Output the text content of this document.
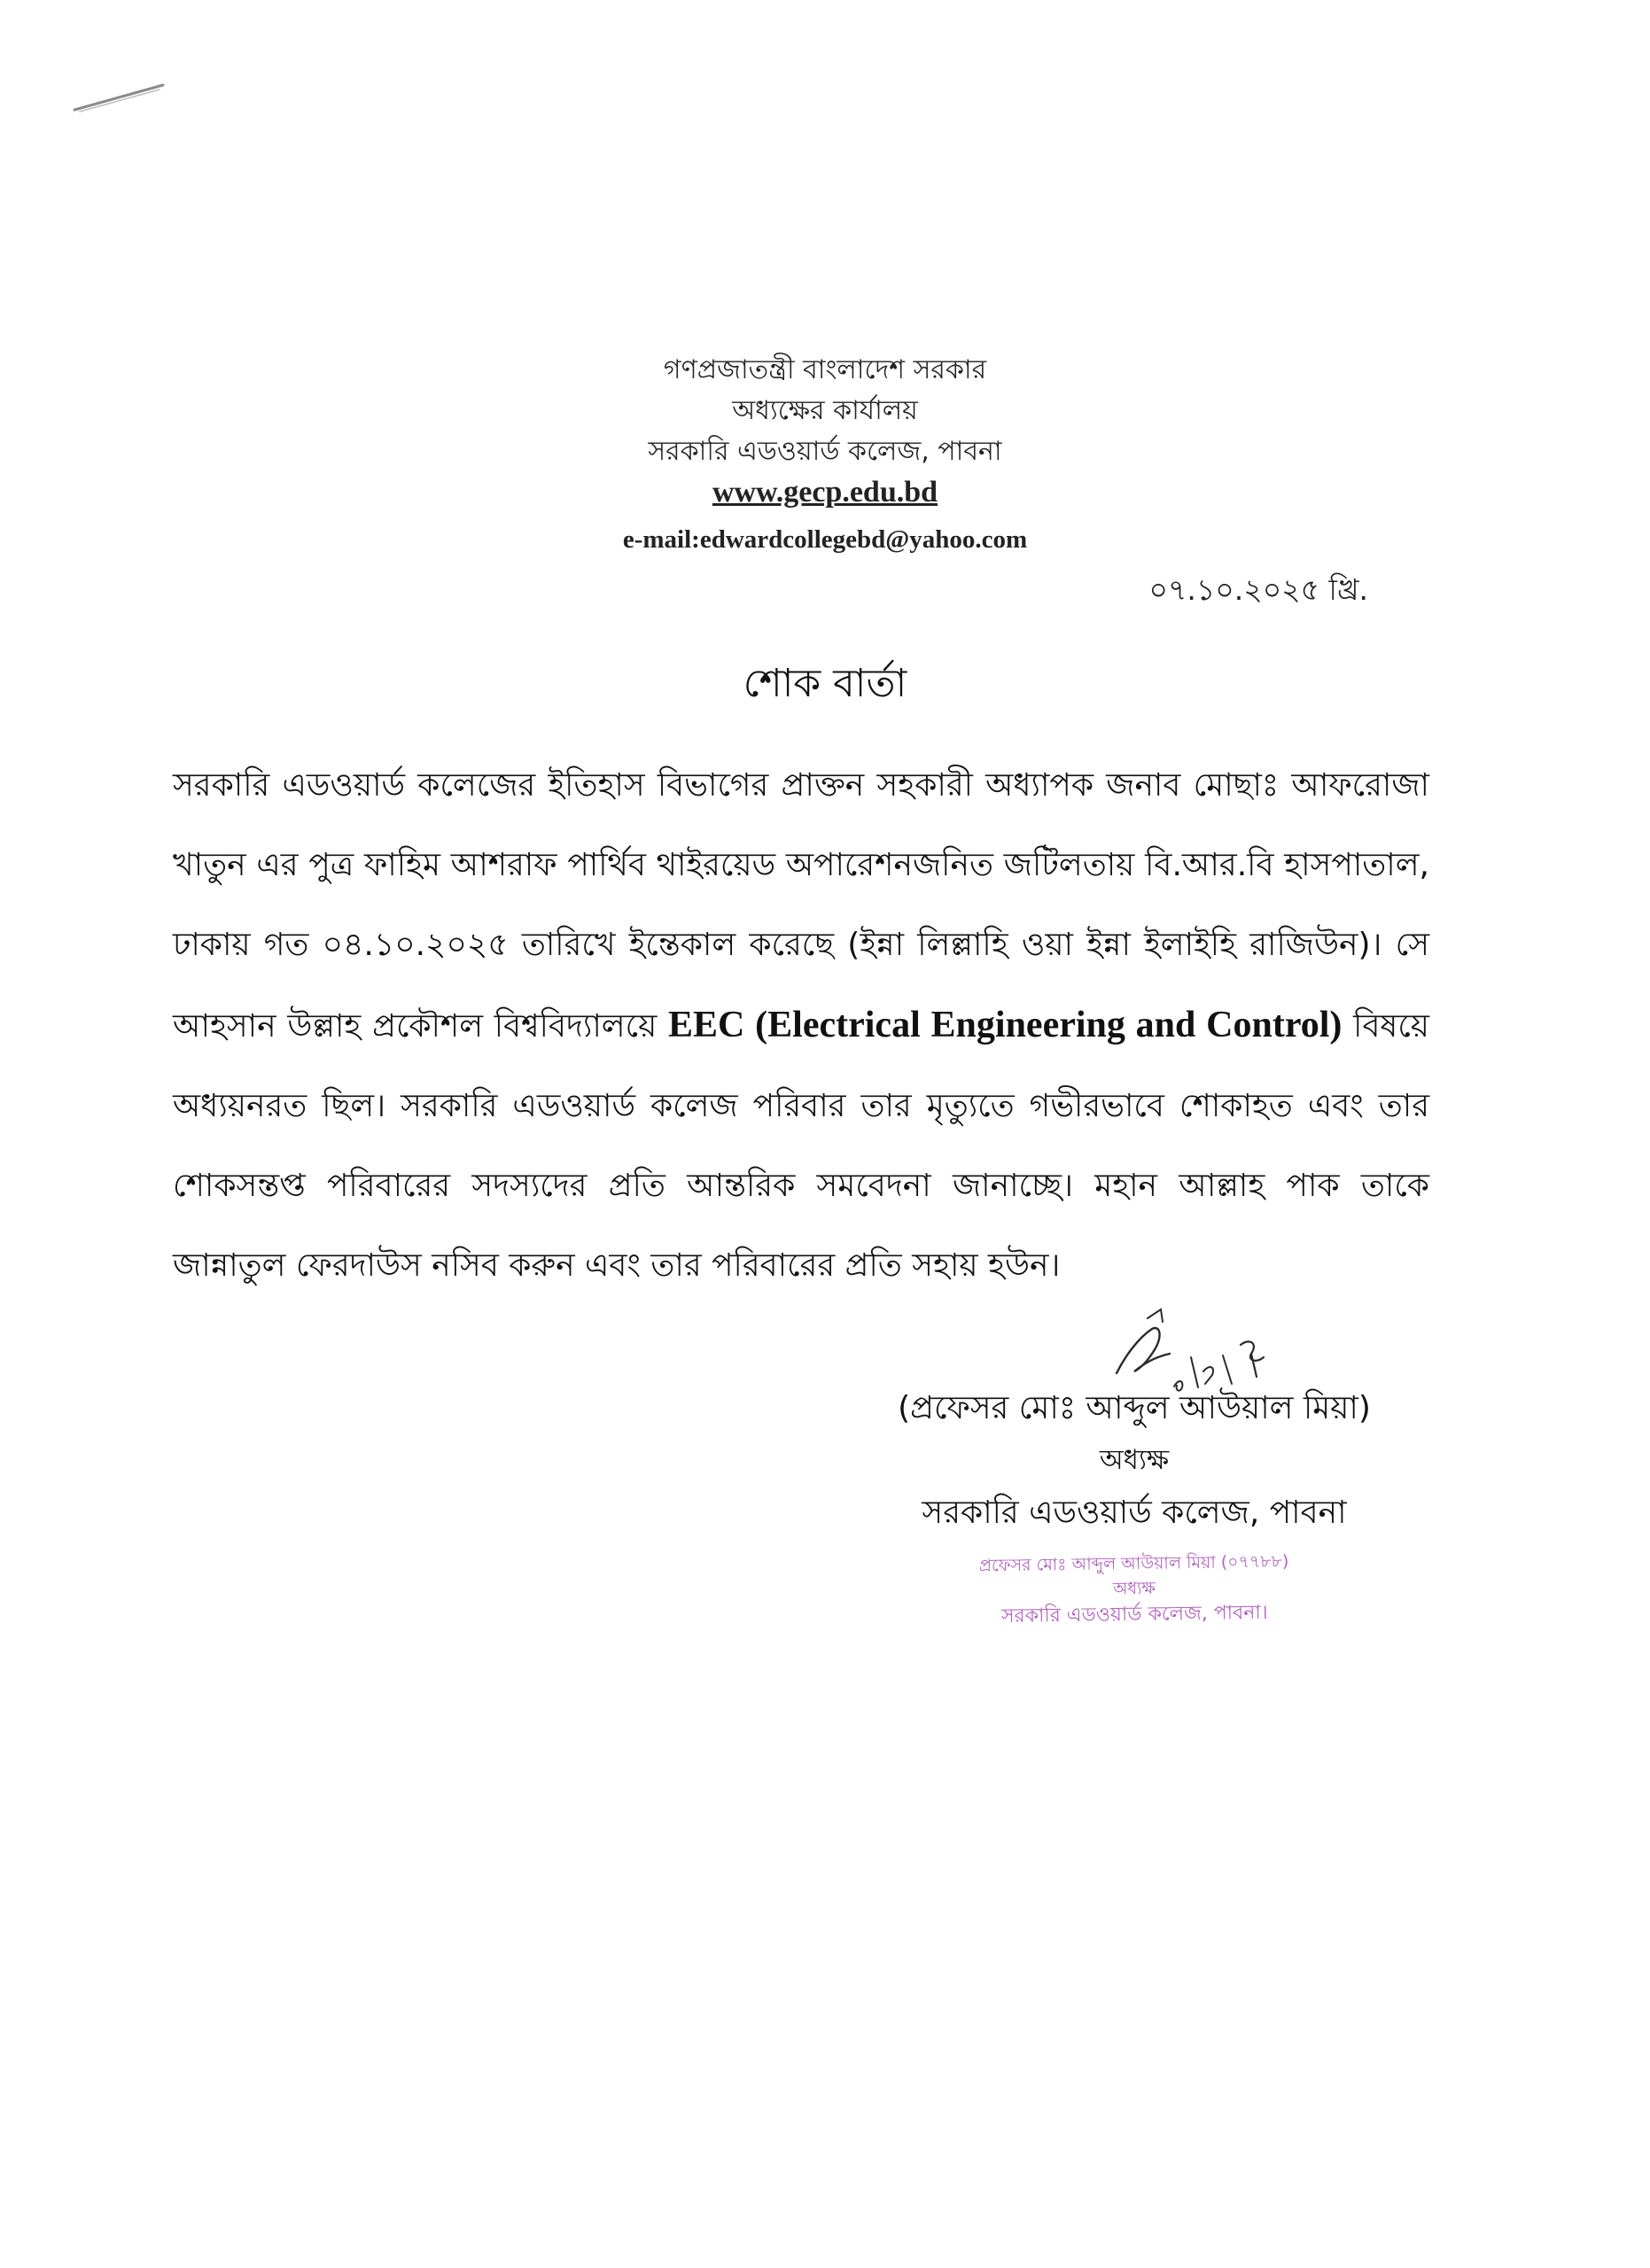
গণপ্রজাতন্ত্রী বাংলাদেশ সরকার
অধ্যক্ষের কার্যালয়
সরকারি এডওয়ার্ড কলেজ, পাবনা
www.gecp.edu.bd
e-mail:edwardcollegebd@yahoo.com
০৭.১০.২০২৫ খ্রি.
শোক বার্তা
সরকারি এডওয়ার্ড কলেজের ইতিহাস বিভাগের প্রাক্তন সহকারী অধ্যাপক জনাব মোছাঃ আফরোজা খাতুন এর পুত্র ফাহিম আশরাফ পার্থিব থাইরয়েড অপারেশনজনিত জটিলতায় বি.আর.বি হাসপাতাল, ঢাকায় গত ০৪.১০.২০২৫ তারিখে ইন্তেকাল করেছে (ইন্না লিল্লাহি ওয়া ইন্না ইলাইহি রাজিউন)। সে আহসান উল্লাহ প্রকৌশল বিশ্ববিদ্যালয়ে EEC (Electrical Engineering and Control) বিষয়ে অধ্যয়নরত ছিল। সরকারি এডওয়ার্ড কলেজ পরিবার তার মৃত্যুতে গভীরভাবে শোকাহত এবং তার শোকসন্তপ্ত পরিবারের সদস্যদের প্রতি আন্তরিক সমবেদনা জানাচ্ছে। মহান আল্লাহ পাক তাকে জান্নাতুল ফেরদাউস নসিব করুন এবং তার পরিবারের প্রতি সহায় হউন।
(প্রফেসর মোঃ আব্দুল আউয়াল মিয়া)
অধ্যক্ষ
সরকারি এডওয়ার্ড কলেজ, পাবনা
প্রফেসর মোঃ আব্দুল আউয়াল মিয়া (০৭৭৮৮)
অধ্যক্ষ
সরকারি এডওয়ার্ড কলেজ, পাবনা।
